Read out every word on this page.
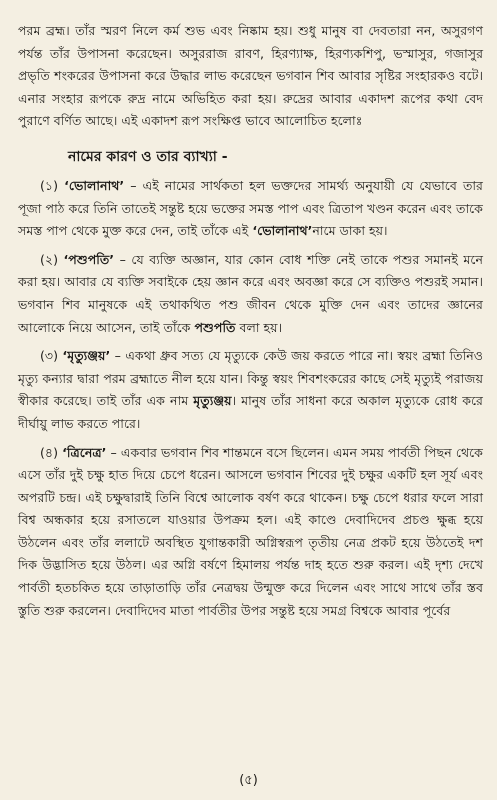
পরম ব্রহ্ম। তাঁর স্মরণ নিলে কর্ম শুভ এবং নিষ্কাম হয়। শুধু মানুষ বা দেবতারা নন, অসুরগণ পর্যন্ত তাঁর উপাসনা করেছেন। অসুররাজ রাবণ, হিরণ্যাক্ষ, হিরণ্যকশিপু, ভস্মাসুর, গজাসুর প্রভৃতি শংকরের উপাসনা করে উদ্ধার লাভ করেছেন ভগবান শিব আবার সৃষ্টির সংহারকও বটে। এনার সংহার রূপকে রুদ্র নামে অভিহিত করা হয়। রুদ্রের আবার একাদশ রূপের কথা বেদ পুরাণে বর্ণিত আছে। এই একাদশ রূপ সংক্ষিপ্ত ভাবে আলোচিত হলোঃ

নামের কারণ ও তার ব্যাখ্যা -

(১) ‘ভোলানাথ’ – এই নামের সার্থকতা হল ভক্তদের সামর্থ্য অনুযায়ী যে যেভাবে তার পূজা পাঠ করে তিনি তাতেই সন্তুষ্ট হয়ে ভক্তের সমস্ত পাপ এবং ত্রিতাপ খণ্ডন করেন এবং তাকে সমস্ত পাপ থেকে মুক্ত করে দেন, তাই তাঁকে এই ‘ভোলানাথ’নামে ডাকা হয়।

(২) ‘পশুপতি’ – যে ব্যক্তি অজ্ঞান, যার কোন বোধ শক্তি নেই তাকে পশুর সমানই মনে করা হয়। আবার যে ব্যক্তি সবাইকে হেয় জ্ঞান করে এবং অবজ্ঞা করে সে ব্যক্তিও পশুরই সমান। ভগবান শিব মানুষকে এই তথাকথিত পশু জীবন থেকে মুক্তি দেন এবং তাদের জ্ঞানের আলোকে নিয়ে আসেন, তাই তাঁকে পশুপতি বলা হয়।

(৩) ‘মৃত্যুঞ্জয়’ – একথা ধ্রুব সত্য যে মৃত্যুকে কেউ জয় করতে পারে না। স্বয়ং ব্রহ্মা তিনিও মৃত্যু কন্যার দ্বারা পরম ব্রহ্মাতে নীল হয়ে যান। কিন্তু স্বয়ং শিবশংকরের কাছে সেই মৃত্যুই পরাজয় স্বীকার করেছে। তাই তাঁর এক নাম মৃত্যুঞ্জয়। মানুষ তাঁর সাধনা করে অকাল মৃত্যুকে রোধ করে দীর্ঘায়ু লাভ করতে পারে।

(৪) ‘ত্রিনেত্র’ – একবার ভগবান শিব শান্তমনে বসে ছিলেন। এমন সময় পার্বতী পিছন থেকে এসে তাঁর দুই চক্ষু হাত দিয়ে চেপে ধরেন। আসলে ভগবান শিবের দুই চক্ষুর একটি হল সূর্য এবং অপরটি চন্দ্র। এই চক্ষুদ্বারাই তিনি বিশ্বে আলোক বর্ষণ করে থাকেন। চক্ষু চেপে ধরার ফলে সারা বিশ্ব অন্ধকার হয়ে রসাতলে যাওয়ার উপক্রম হল। এই কাণ্ডে দেবাদিদেব প্রচণ্ড ক্ষুব্ধ হয়ে উঠলেন এবং তাঁর ললাটে অবস্থিত যুগান্তকারী অগ্নিস্বরূপ তৃতীয় নেত্র প্রকট হয়ে উঠতেই দশ দিক উদ্ভাসিত হয়ে উঠল। এর অগ্নি বর্ষণে হিমালয় পর্যন্ত দাহ হতে শুরু করল। এই দৃশ্য দেখে পার্বতী হতচকিত হয়ে তাড়াতাড়ি তাঁর নেত্রদ্বয় উন্মুক্ত করে দিলেন এবং সাথে সাথে তাঁর স্তব স্তুতি শুরু করলেন। দেবাদিদেব মাতা পার্বতীর উপর সন্তুষ্ট হয়ে সমগ্র বিশ্বকে আবার পূর্বের

(৫)
